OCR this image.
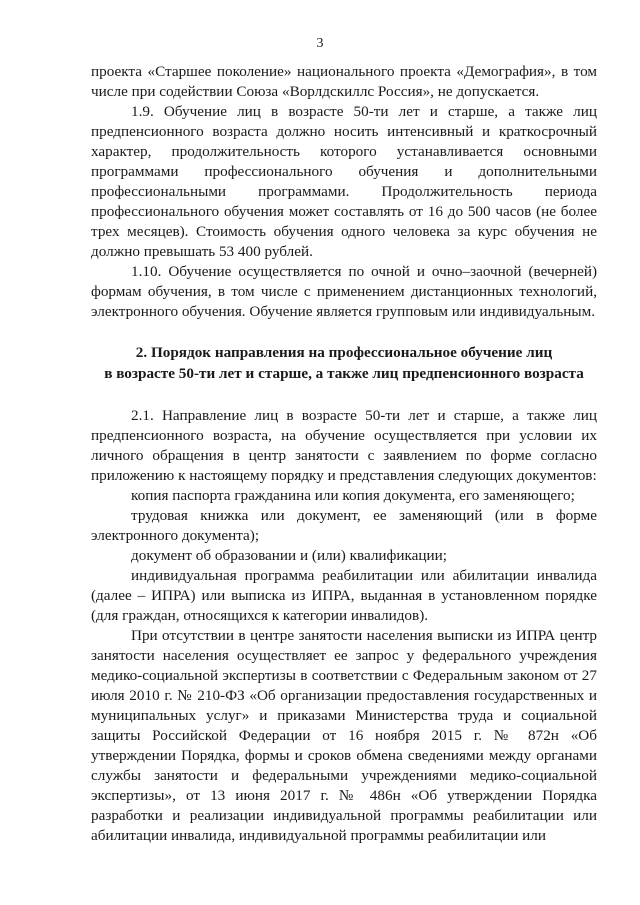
3

проекта «Старшее поколение» национального проекта «Демография», в том числе при содействии Союза «Ворлдскиллс Россия», не допускается.

1.9. Обучение лиц в возрасте 50-ти лет и старше, а также лиц предпенсионного возраста должно носить интенсивный и краткосрочный характер, продолжительность которого устанавливается основными программами профессионального обучения и дополнительными профессиональными программами. Продолжительность периода профессионального обучения может составлять от 16 до 500 часов (не более трех месяцев). Стоимость обучения одного человека за курс обучения не должно превышать 53 400 рублей.

1.10. Обучение осуществляется по очной и очно–заочной (вечерней) формам обучения, в том числе с применением дистанционных технологий, электронного обучения. Обучение является групповым или индивидуальным.

2. Порядок направления на профессиональное обучение лиц
в возрасте 50-ти лет и старше, а также лиц предпенсионного возраста

2.1. Направление лиц в возрасте 50-ти лет и старше, а также лиц предпенсионного возраста, на обучение осуществляется при условии их личного обращения в центр занятости с заявлением по форме согласно приложению к настоящему порядку и представления следующих документов:

копия паспорта гражданина или копия документа, его заменяющего;

трудовая книжка или документ, ее заменяющий (или в форме электронного документа);

документ об образовании и (или) квалификации;

индивидуальная программа реабилитации или абилитации инвалида (далее – ИПРА) или выписка из ИПРА, выданная в установленном порядке (для граждан, относящихся к категории инвалидов).

При отсутствии в центре занятости населения выписки из ИПРА центр занятости населения осуществляет ее запрос у федерального учреждения медико-социальной экспертизы в соответствии с Федеральным законом от 27 июля 2010 г. № 210-ФЗ «Об организации предоставления государственных и муниципальных услуг» и приказами Министерства труда и социальной защиты Российской Федерации от 16 ноября 2015 г. № 872н «Об утверждении Порядка, формы и сроков обмена сведениями между органами службы занятости и федеральными учреждениями медико-социальной экспертизы», от 13 июня 2017 г. № 486н «Об утверждении Порядка разработки и реализации индивидуальной программы реабилитации или абилитации инвалида, индивидуальной программы реабилитации или
